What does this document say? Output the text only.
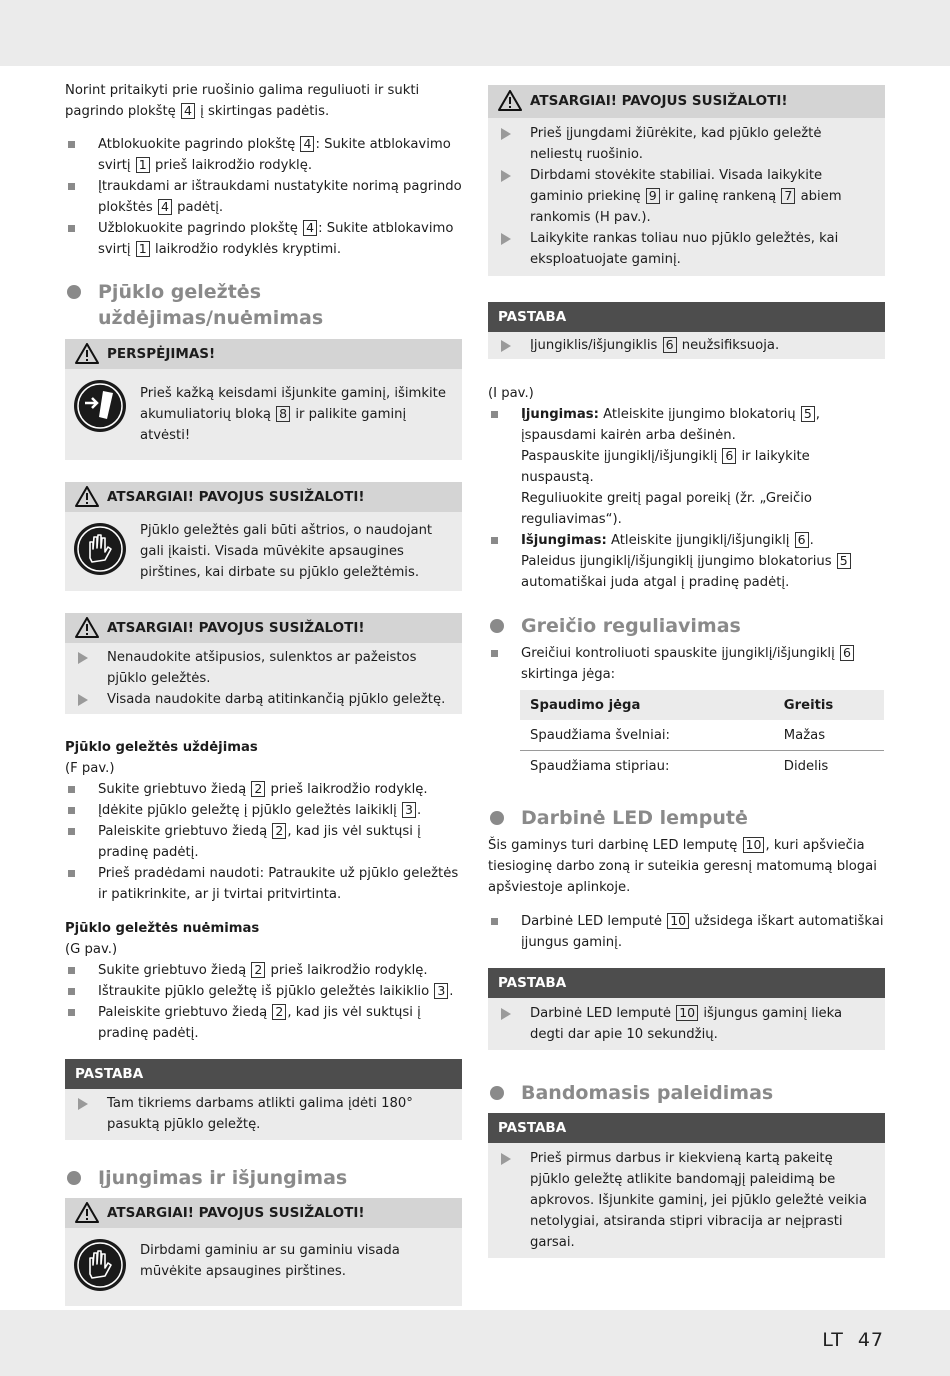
Norint pritaikyti prie ruošinio galima reguliuoti ir sukti pagrindo plokštę 4 į skirtingas padėtis.

Atblokuokite pagrindo plokštę 4 : Sukite atblokavimo svirtį 1 prieš laikrodžio rodyklę.
Įtraukdami ar ištraukdami nustatykite norimą pagrindo plokštės 4 padėtį.
Užblokuokite pagrindo plokštę 4 : Sukite atblokavimo svirtį 1 laikrodžio rodyklės kryptimi.
Pjūklo geležtės uždėjimas/nuėmimas
PERSPĖJIMAS!

Prieš kažką keisdami išjunkite gaminį, išimkite akumuliatorių bloką 8 ir palikite gaminį atvėsti!

ATSARGIAI! PAVOJUS SUSIŽALOTI!

Pjūklo geležtės gali būti aštrios, o naudojant gali įkaisti. Visada mūvėkite apsaugines pirštines, kai dirbate su pjūklo geležtėmis.

ATSARGIAI! PAVOJUS SUSIŽALOTI!
Nenaudokite atšipusios, sulenktos ar pažeistos pjūklo geležtės.
Visada naudokite darbą atitinkančią pjūklo geležtę.

Pjūklo geležtės uždėjimas

(F pav.)

Sukite griebtuvo žiedą 2 prieš laikrodžio rodyklę.
Įdėkite pjūklo geležtę į pjūklo geležtės laikiklį 3 .
Paleiskite griebtuvo žiedą 2 , kad jis vėl suktųsi į pradinę padėtį.
Prieš pradėdami naudoti: Patraukite už pjūklo geležtės ir patikrinkite, ar ji tvirtai pritvirtinta.

Pjūklo geležtės nuėmimas

(G pav.)

Sukite griebtuvo žiedą 2 prieš laikrodžio rodyklę.
Ištraukite pjūklo geležtę iš pjūklo geležtės laikiklio 3 .
Paleiskite griebtuvo žiedą 2 , kad jis vėl suktųsi į pradinę padėtį.
PASTABA
Tam tikriems darbams atlikti galima įdėti 180° pasuktą pjūklo geležtę.
Įjungimas ir išjungimas
ATSARGIAI! PAVOJUS SUSIŽALOTI!

Dirbdami gaminiu ar su gaminiu visada mūvėkite apsaugines pirštines.

ATSARGIAI! PAVOJUS SUSIŽALOTI!
Prieš įjungdami žiūrėkite, kad pjūklo geležtė neliestų ruošinio.
Dirbdami stovėkite stabiliai. Visada laikykite gaminio priekinę 9 ir galinę rankeną 7 abiem rankomis (H pav.).
Laikykite rankas toliau nuo pjūklo geležtės, kai eksploatuojate gaminį.
PASTABA
Įjungiklis/išjungiklis 6 neužsifiksuoja.

(I pav.)

Įjungimas: Atleiskite įjungimo blokatorių 5 , įspausdami kairėn arba dešinėn.
Paspauskite įjungiklį/išjungiklį 6 ir laikykite nuspaustą.
Reguliuokite greitį pagal poreikį (žr. „Greičio reguliavimas“).
Išjungimas: Atleiskite įjungiklį/išjungiklį 6 .
Paleidus įjungiklį/išjungiklį įjungimo blokatorius 5 automatiškai juda atgal į pradinę padėtį.
Greičio reguliavimas
Greičiui kontroliuoti spauskite įjungiklį/išjungiklį 6 skirtinga jėga:
Spaudimo jėga	Greitis
Spaudžiama švelniai:	Mažas
Spaudžiama stipriau:	Didelis
Darbinė LED lemputė

Šis gaminys turi darbinę LED lemputę 10 , kuri apšviečia tiesioginę darbo zoną ir suteikia geresnį matomumą blogai apšviestoje aplinkoje.

Darbinė LED lemputė 10 užsidega iškart automatiškai įjungus gaminį.
PASTABA
Darbinė LED lemputė 10 išjungus gaminį lieka degti dar apie 10 sekundžių.
Bandomasis paleidimas
PASTABA
Prieš pirmus darbus ir kiekvieną kartą pakeitę pjūklo geležtę atlikite bandomąjį paleidimą be apkrovos. Išjunkite gaminį, jei pjūklo geležtė veikia netolygiai, atsiranda stipri vibracija ar neįprasti garsai.
LT 47
